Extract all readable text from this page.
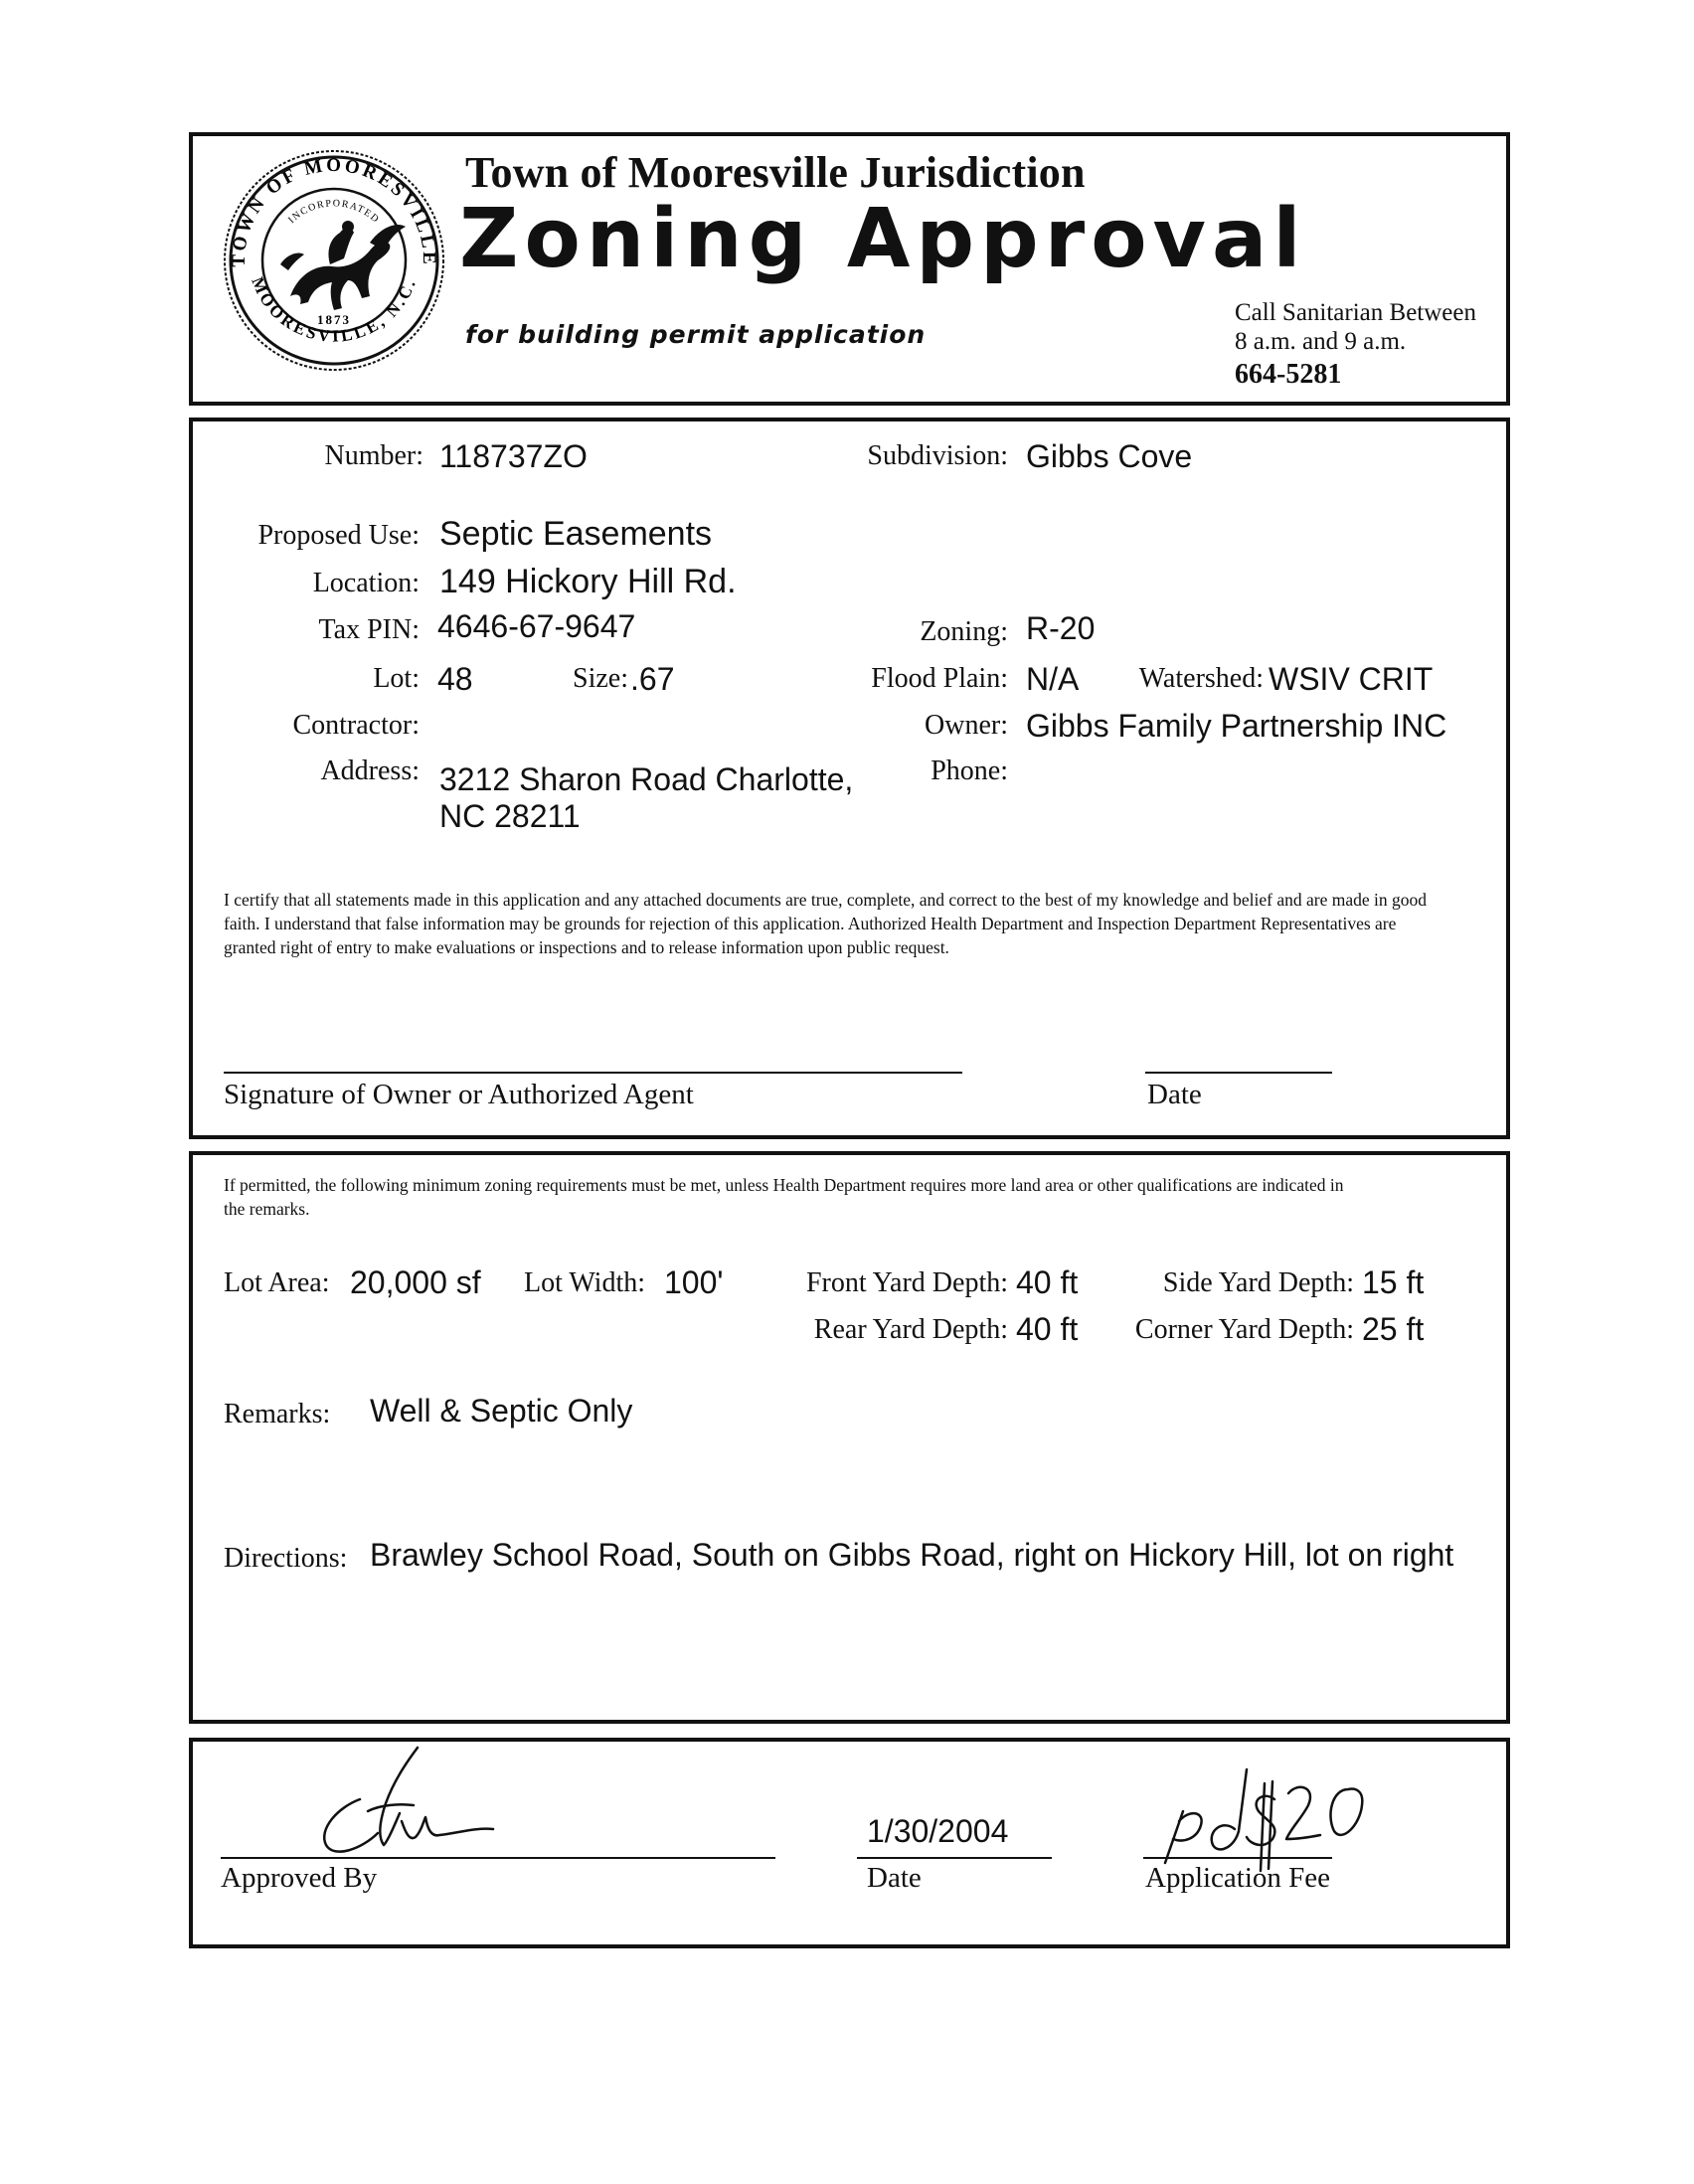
TOWN OF MOORESVILLE
MOORESVILLE, N.C.
INCORPORATED
1873
Town of Mooresville Jurisdiction
Zoning Approval
for building permit application
Call Sanitarian Between
8 a.m. and 9 a.m.
664-5281
Number: 118737ZO	Subdivision: Gibbs Cove
Proposed Use: Septic Easements
Location: 149 Hickory Hill Rd.
Tax PIN: 4646-67-9647	Zoning: R-20
Lot: 48	Size: .67	Flood Plain: N/A Watershed: WSIV CRIT
Contractor:	Owner: Gibbs Family Partnership INC
Address: 3212 Sharon Road Charlotte,
NC 28211
Phone:
I certify that all statements made in this application and any attached documents are true, complete, and correct to the best of my knowledge and belief and are made in good faith. I understand that false information may be grounds for rejection of this application. Authorized Health Department and Inspection Department Representatives are granted right of entry to make evaluations or inspections and to release information upon public request.
Signature of Owner or Authorized Agent	Date
If permitted, the following minimum zoning requirements must be met, unless Health Department requires more land area or other qualifications are indicated in the remarks.
Lot Area: 20,000 sf Lot Width: 100'	Front Yard Depth: 40 ft	Side Yard Depth: 15 ft
Rear Yard Depth: 40 ft Corner Yard Depth: 25 ft
Remarks: Well & Septic Only
Directions: Brawley School Road, South on Gibbs Road, right on Hickory Hill, lot on right
Approved By
1/30/2004
Date	Application Fee
